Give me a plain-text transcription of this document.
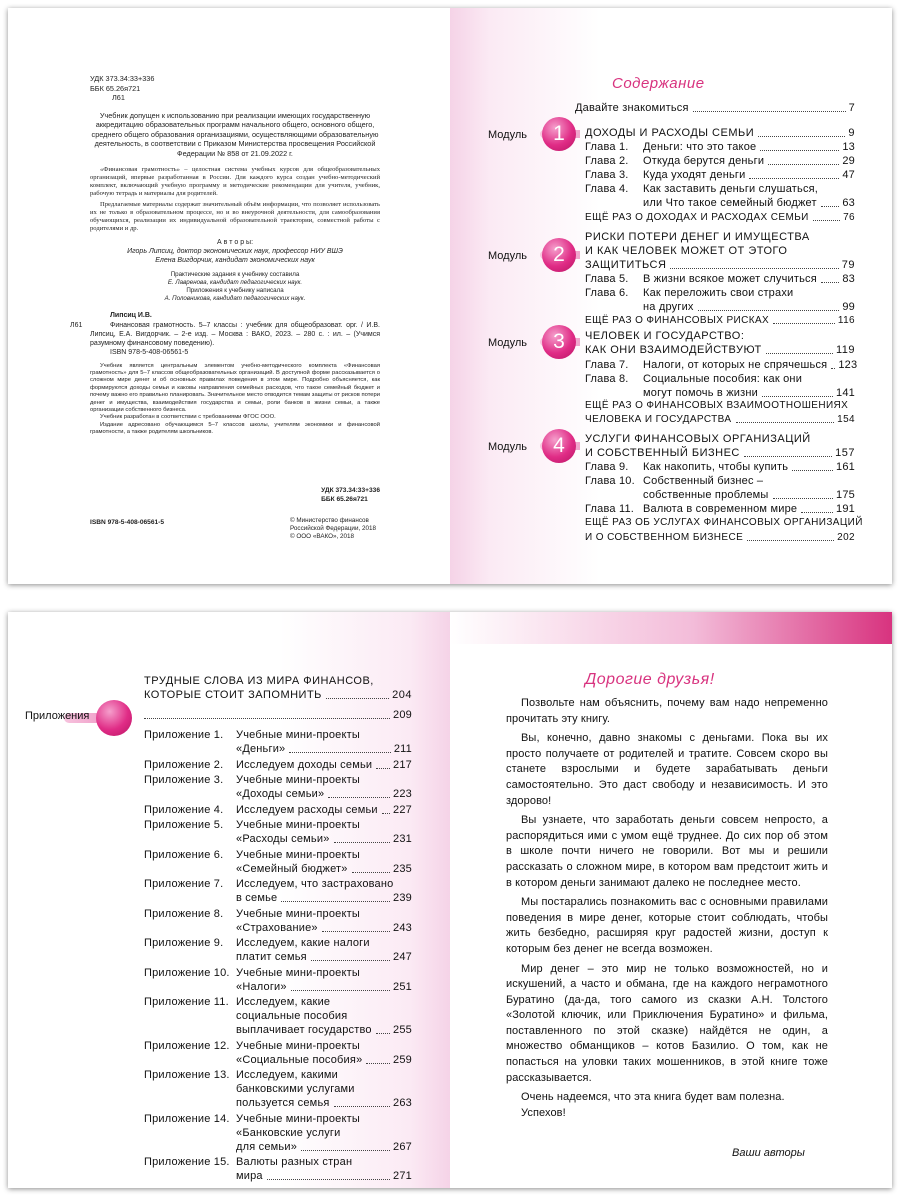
УДК 373.34:33+336
ББК 65.26я721
Л61
Учебник допущен к использованию при реализации имеющих государственную аккредитацию образовательных программ начального общего, основного общего, среднего общего образования организациями, осуществляющими образовательную деятельность, в соответствии с Приказом Министерства просвещения Российской Федерации № 858 от 21.09.2022 г.

«Финансовая грамотность» – целостная система учебных курсов для общеобразовательных организаций, впервые разработанная в России. Для каждого курса создан учебно-методический комплект, включающий учебную программу и методические рекомендации для учителя, учебник, рабочую тетрадь и материалы для родителей.

Предлагаемые материалы содержат значительный объём информации, что позволяет использовать их не только в образовательном процессе, но и во внеурочной деятельности, для самообразования обучающихся, реализации их индивидуальной образовательной траектории, совместной работы с родителями и др.

А в т о р ы:
Игорь Липсиц, доктор экономических наук, профессор НИУ ВШЭ
Елена Вигдорчик, кандидат экономических наук
Практические задания к учебнику составила
Е. Лавренова, кандидат педагогических наук.
Приложения к учебнику написала
А. Половникова, кандидат педагогических наук.
Л61
Липсиц И.В.
Финансовая грамотность. 5–7 классы : учебник для общеобразоват. орг. / И.В. Липсиц, Е.А. Вигдорчик. – 2-е изд. – Москва : ВАКО, 2023. – 280 с. : ил. – (Учимся разумному финансовому поведению).
ISBN 978-5-408-06561-5

Учебник является центральным элементом учебно-методического комплекта «Финансовая грамотность» для 5–7 классов общеобразовательных организаций. В доступной форме рассказывается о сложном мире денег и об основных правилах поведения в этом мире. Подробно объясняется, как формируются доходы семьи и каковы направления семейных расходов, что такое семейный бюджет и почему важно его правильно планировать. Значительное место отводится темам защиты от рисков потери денег и имущества, взаимодействия государства и семьи, роли банков в жизни семьи, а также организации собственного бизнеса.

Учебник разработан в соответствии с требованиями ФГОС ООО.

Издание адресовано обучающимся 5–7 классов школы, учителям экономики и финансовой грамотности, а также родителям школьников.

УДК 373.34:33+336
ББК 65.26я721
ISBN 978-5-408-06561-5	© Министерство финансов
Российской Федерации, 2018
© ООО «ВАКО», 2018
Содержание
Давайте знакомиться	7
Модуль	1	ДОХОДЫ И РАСХОДЫ СЕМЬИ	9
Глава 1. Деньги: что это такое	13
Глава 2. Откуда берутся деньги	29
Глава 3. Куда уходят деньги	47
Глава 4. Как заставить деньги слушаться,
или Что такое семейный бюджет 63
ЕЩЁ РАЗ О ДОХОДАХ И РАСХОДАХ СЕМЬИ	76
Модуль	2
РИСКИ ПОТЕРИ ДЕНЕГ И ИМУЩЕСТВА
И КАК ЧЕЛОВЕК МОЖЕТ ОТ ЭТОГО
ЗАЩИТИТЬСЯ	79
Глава 5. В жизни всякое может случиться 83
Глава 6. Как переложить свои страхи
на других	99
ЕЩЁ РАЗ О ФИНАНСОВЫХ РИСКАХ	116
Модуль	3	ЧЕЛОВЕК И ГОСУДАРСТВО:
КАК ОНИ ВЗАИМОДЕЙСТВУЮТ	119
Глава 7. Налоги, от которых не спрячешься 123
Глава 8. Социальные пособия: как они
могут помочь в жизни	141
ЕЩЁ РАЗ О ФИНАНСОВЫХ ВЗАИМООТНОШЕНИЯХ
ЧЕЛОВЕКА И ГОСУДАРСТВА	154
Модуль	4	УСЛУГИ ФИНАНСОВЫХ ОРГАНИЗАЦИЙ
И СОБСТВЕННЫЙ БИЗНЕС	157
Глава 9. Как накопить, чтобы купить	161
Глава 10. Собственный бизнес –
собственные проблемы	175
Глава 11. Валюта в современном мире	191
ЕЩЁ РАЗ ОБ УСЛУГАХ ФИНАНСОВЫХ ОРГАНИЗАЦИЙ
И О СОБСТВЕННОМ БИЗНЕСЕ	202
ТРУДНЫЕ СЛОВА ИЗ МИРА ФИНАНСОВ,
КОТОРЫЕ СТОИТ ЗАПОМНИТЬ	204
Приложения	209
Приложение 1. Учебные мини-проекты
«Деньги»	211
Приложение 2. Исследуем доходы семьи 217
Приложение 3. Учебные мини-проекты
«Доходы семьи»	223
Приложение 4. Исследуем расходы семьи 227
Приложение 5. Учебные мини-проекты
«Расходы семьи»	231
Приложение 6. Учебные мини-проекты
«Семейный бюджет»	235
Приложение 7. Исследуем, что застраховано
в семье	239
Приложение 8. Учебные мини-проекты
«Страхование»	243
Приложение 9. Исследуем, какие налоги
платит семья	247
Приложение 10. Учебные мини-проекты
«Налоги»	251
Приложение 11. Исследуем, какие
социальные пособия
выплачивает государство 255
Приложение 12. Учебные мини-проекты
«Социальные пособия»	259
Приложение 13. Исследуем, какими
банковскими услугами
пользуется семья	263
Приложение 14. Учебные мини-проекты
«Банковские услуги
для семьи»	267
Приложение 15. Валюты разных стран
мира	271
Дорогие друзья!

Позвольте нам объяснить, почему вам надо непременно прочитать эту книгу.

Вы, конечно, давно знакомы с деньгами. Пока вы их просто получаете от родителей и тратите. Совсем скоро вы станете взрослыми и будете зарабатывать деньги самостоятельно. Это даст свободу и независимость. И это здорово!

Вы узнаете, что заработать деньги совсем непросто, а распорядиться ими с умом ещё труднее. До сих пор об этом в школе почти ничего не говорили. Вот мы и решили рассказать о сложном мире, в котором вам предстоит жить и в котором деньги занимают далеко не последнее место.

Мы постарались познакомить вас с основными правилами поведения в мире денег, которые стоит соблюдать, чтобы жить безбедно, расширяя круг радостей жизни, доступ к которым без денег не всегда возможен.

Мир денег – это мир не только возможностей, но и искушений, а часто и обмана, где на каждого неграмотного Буратино (да-да, того самого из сказки А.Н. Толстого «Золотой ключик, или Приключения Буратино» и фильма, поставленного по этой сказке) найдётся не один, а множество обманщиков – котов Базилио. О том, как не попасться на уловки таких мошенников, в этой книге тоже рассказывается.

Очень надеемся, что эта книга будет вам полезна.

Успехов!

Ваши авторы
